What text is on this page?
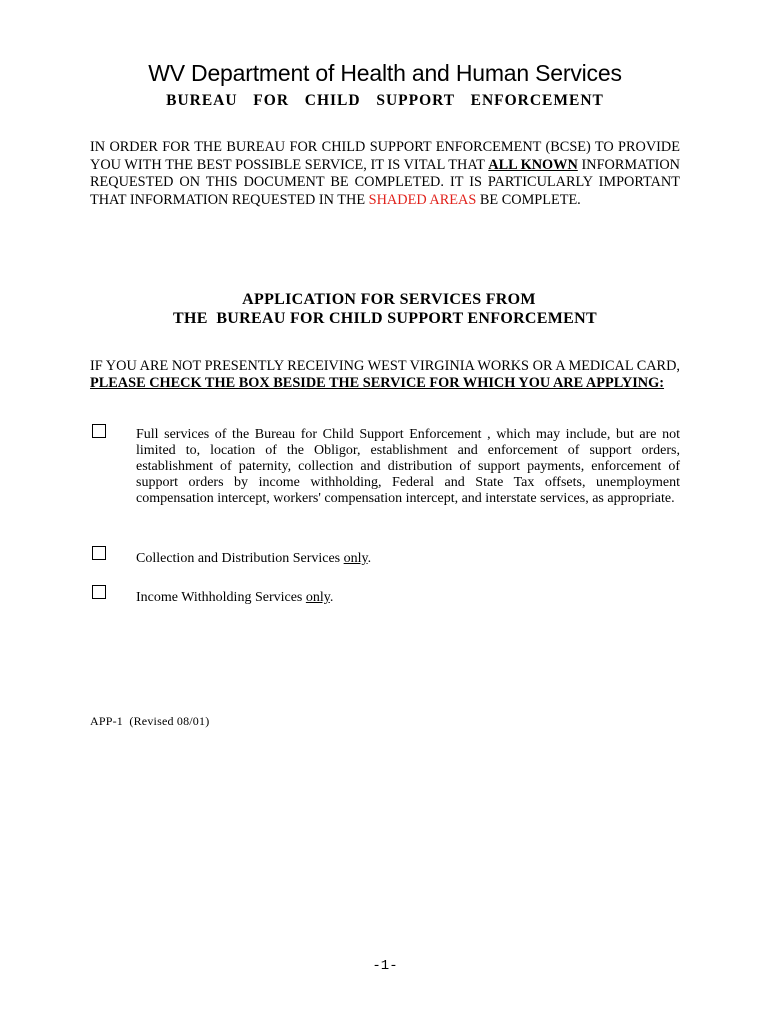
WV Department of Health and Human Services
BUREAU  FOR  CHILD  SUPPORT  ENFORCEMENT
IN ORDER FOR THE BUREAU FOR CHILD SUPPORT ENFORCEMENT (BCSE) TO PROVIDE YOU WITH THE BEST POSSIBLE SERVICE, IT IS VITAL THAT ALL KNOWN INFORMATION REQUESTED ON THIS DOCUMENT BE COMPLETED. IT IS PARTICULARLY IMPORTANT THAT INFORMATION REQUESTED IN THE SHADED AREAS BE COMPLETE.
APPLICATION FOR SERVICES FROM
THE  BUREAU FOR CHILD SUPPORT ENFORCEMENT
IF YOU ARE NOT PRESENTLY RECEIVING WEST VIRGINIA WORKS OR A MEDICAL CARD, PLEASE CHECK THE BOX BESIDE THE SERVICE FOR WHICH YOU ARE APPLYING:
Full services of the Bureau for Child Support Enforcement , which may include, but are not limited to, location of the Obligor, establishment and enforcement of support orders, establishment of paternity, collection and distribution of support payments, enforcement of support orders by income withholding, Federal and State Tax offsets, unemployment compensation intercept, workers' compensation intercept, and interstate services, as appropriate.
Collection and Distribution Services only.
Income Withholding Services only.
APP-1  (Revised 08/01)
-1-
